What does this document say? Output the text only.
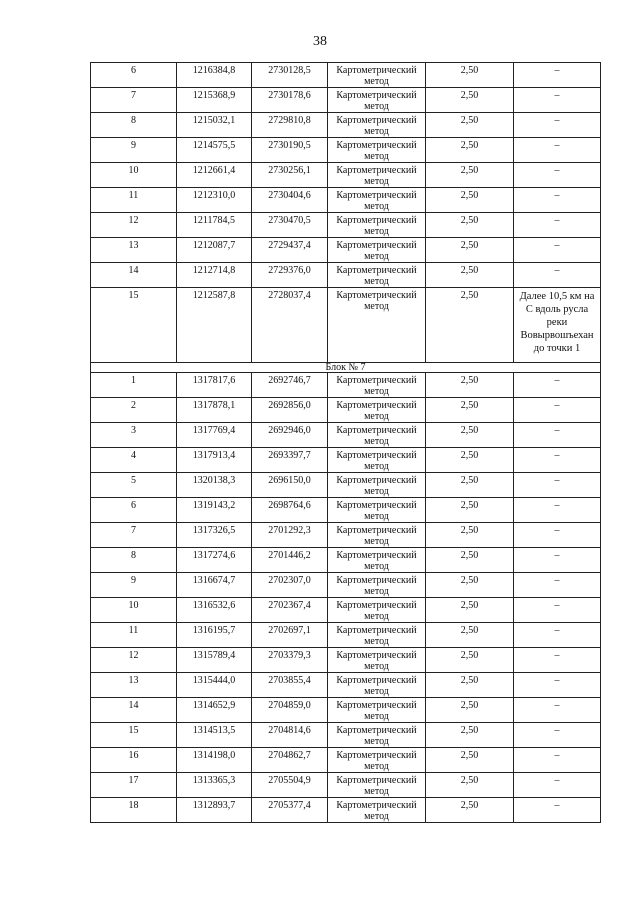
38
6	1216384,8	2730128,5	Картометрический метод	2,50	–
7	1215368,9	2730178,6	Картометрический метод	2,50	–
8	1215032,1	2729810,8	Картометрический метод	2,50	–
9	1214575,5	2730190,5	Картометрический метод	2,50	–
10	1212661,4	2730256,1	Картометрический метод	2,50	–
11	1212310,0	2730404,6	Картометрический метод	2,50	–
12	1211784,5	2730470,5	Картометрический метод	2,50	–
13	1212087,7	2729437,4	Картометрический метод	2,50	–
14	1212714,8	2729376,0	Картометрический метод	2,50	–
15	1212587,8	2728037,4	Картометрический метод	2,50	Далее 10,5 км на С вдоль русла реки Вовырвошъехан до точки 1
Блок № 7					
1	1317817,6	2692746,7	Картометрический метод	2,50	–
2	1317878,1	2692856,0	Картометрический метод	2,50	–
3	1317769,4	2692946,0	Картометрический метод	2,50	–
4	1317913,4	2693397,7	Картометрический метод	2,50	–
5	1320138,3	2696150,0	Картометрический метод	2,50	–
6	1319143,2	2698764,6	Картометрический метод	2,50	–
7	1317326,5	2701292,3	Картометрический метод	2,50	–
8	1317274,6	2701446,2	Картометрический метод	2,50	–
9	1316674,7	2702307,0	Картометрический метод	2,50	–
10	1316532,6	2702367,4	Картометрический метод	2,50	–
11	1316195,7	2702697,1	Картометрический метод	2,50	–
12	1315789,4	2703379,3	Картометрический метод	2,50	–
13	1315444,0	2703855,4	Картометрический метод	2,50	–
14	1314652,9	2704859,0	Картометрический метод	2,50	–
15	1314513,5	2704814,6	Картометрический метод	2,50	–
16	1314198,0	2704862,7	Картометрический метод	2,50	–
17	1313365,3	2705504,9	Картометрический метод	2,50	–
18	1312893,7	2705377,4	Картометрический метод	2,50	–
